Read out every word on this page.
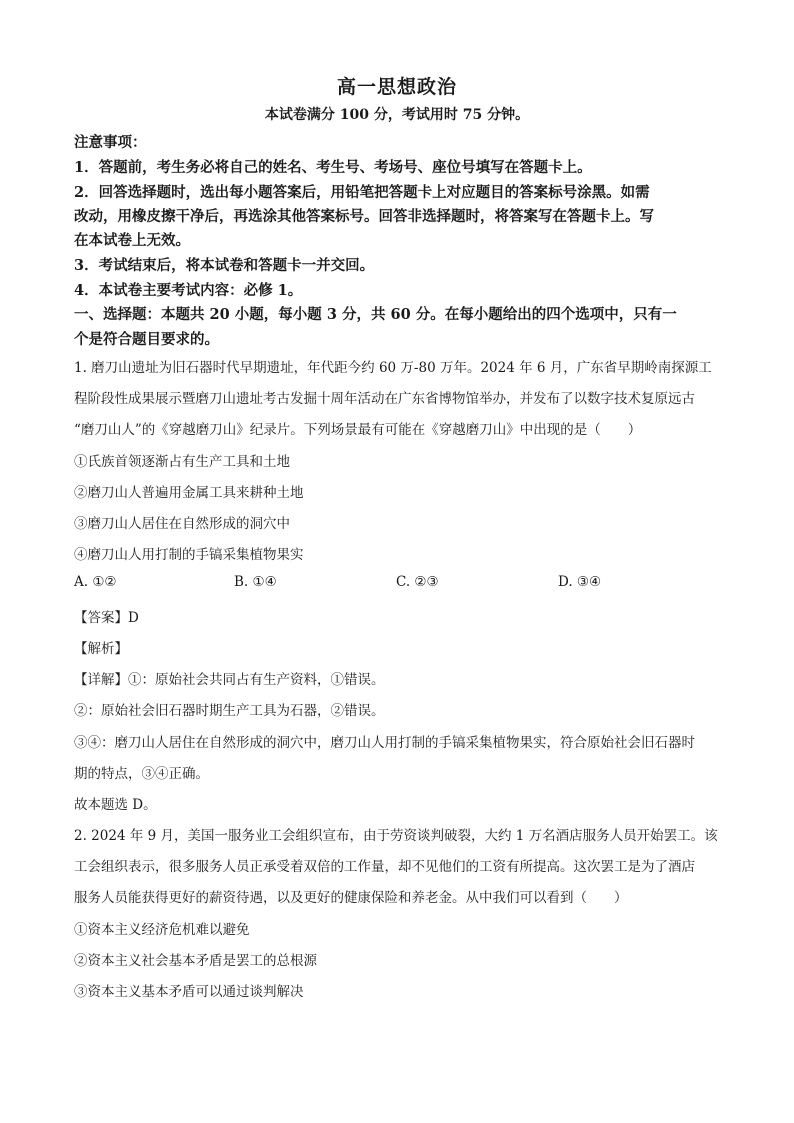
高一思想政治
本试卷满分 100 分，考试用时 75 分钟。
注意事项：
1．答题前，考生务必将自己的姓名、考生号、考场号、座位号填写在答题卡上。
2．回答选择题时，选出每小题答案后，用铅笔把答题卡上对应题目的答案标号涂黑。如需
改动，用橡皮擦干净后，再选涂其他答案标号。回答非选择题时，将答案写在答题卡上。写
在本试卷上无效。
3．考试结束后，将本试卷和答题卡一并交回。
4．本试卷主要考试内容：必修 1。
一、选择题：本题共 20 小题，每小题 3 分，共 60 分。在每小题给出的四个选项中，只有一
个是符合题目要求的。
1. 磨刀山遗址为旧石器时代早期遗址，年代距今约 60 万-80 万年。2024 年 6 月，广东省早期岭南探源工
程阶段性成果展示暨磨刀山遗址考古发掘十周年活动在广东省博物馆举办，并发布了以数字技术复原远古
“磨刀山人”的《穿越磨刀山》纪录片。下列场景最有可能在《穿越磨刀山》中出现的是（　　）
①氏族首领逐渐占有生产工具和土地
②磨刀山人普遍用金属工具来耕种土地
③磨刀山人居住在自然形成的洞穴中
④磨刀山人用打制的手镐采集植物果实
A. ①②	B. ①④	C. ②③	D. ③④
【答案】D
【解析】
【详解】①：原始社会共同占有生产资料，①错误。
②：原始社会旧石器时期生产工具为石器，②错误。
③④：磨刀山人居住在自然形成的洞穴中，磨刀山人用打制的手镐采集植物果实，符合原始社会旧石器时
期的特点，③④正确。
故本题选 D。
2. 2024 年 9 月，美国一服务业工会组织宣布，由于劳资谈判破裂，大约 1 万名酒店服务人员开始罢工。该
工会组织表示，很多服务人员正承受着双倍的工作量，却不见他们的工资有所提高。这次罢工是为了酒店
服务人员能获得更好的薪资待遇，以及更好的健康保险和养老金。从中我们可以看到（　　）
①资本主义经济危机难以避免
②资本主义社会基本矛盾是罢工的总根源
③资本主义基本矛盾可以通过谈判解决
